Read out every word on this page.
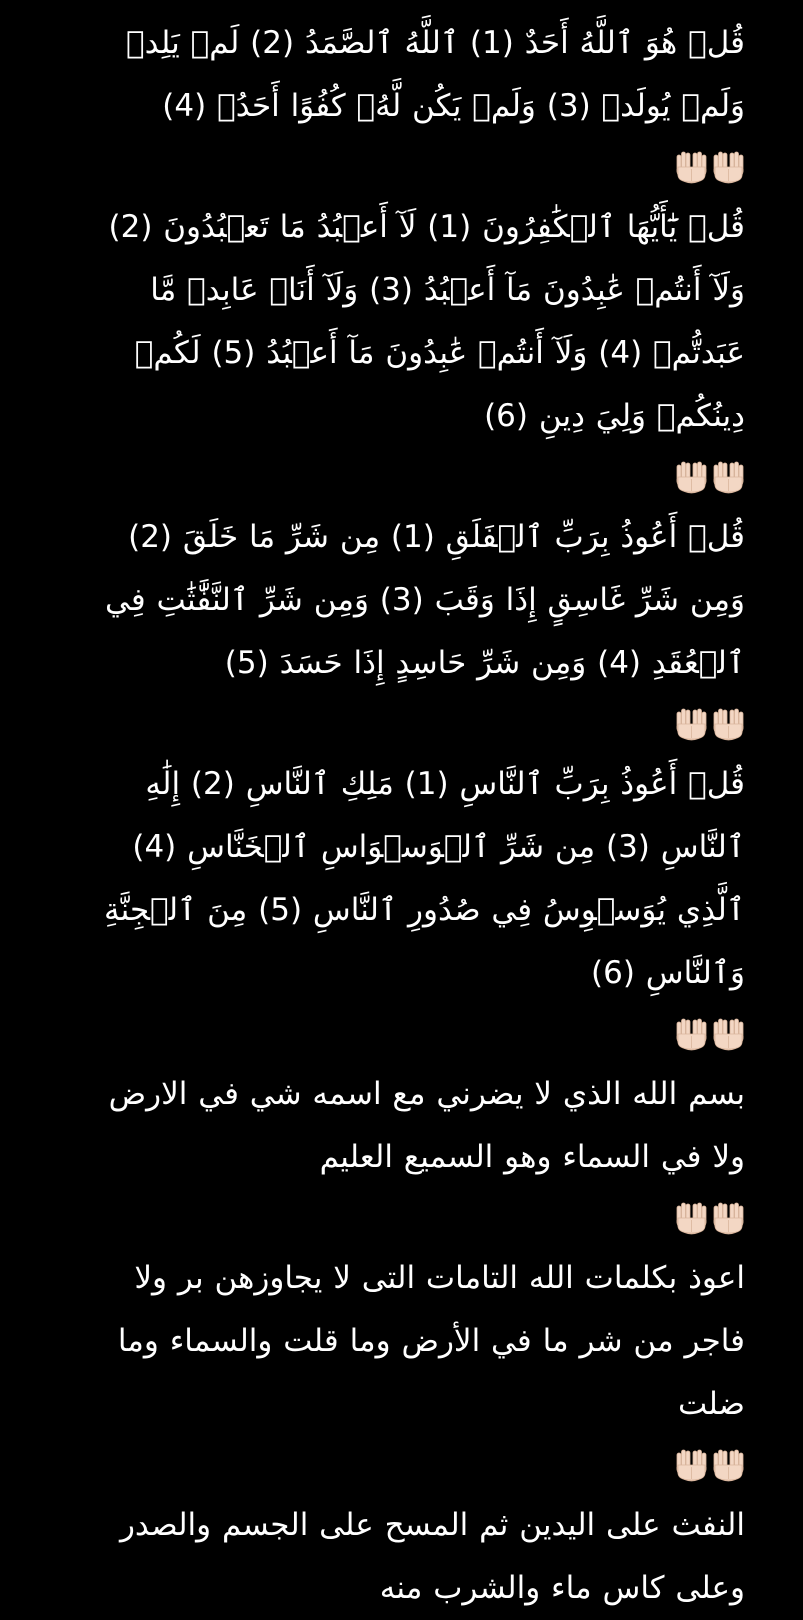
قُلۡ هُوَ ٱللَّهُ أَحَدٌ (1) ٱللَّهُ ٱلصَّمَدُ (2) لَمۡ يَلِدۡ وَلَمۡ يُولَدۡ (3) وَلَمۡ يَكُن لَّهُۥ كُفُوًا أَحَدُۢ (4)
قُلۡ يَٰٓأَيُّهَا ٱلۡكَٰفِرُونَ (1) لَآ أَعۡبُدُ مَا تَعۡبُدُونَ (2) وَلَآ أَنتُمۡ عَٰبِدُونَ مَآ أَعۡبُدُ (3) وَلَآ أَنَا۠ عَابِدٞ مَّا عَبَدتُّمۡ (4) وَلَآ أَنتُمۡ عَٰبِدُونَ مَآ أَعۡبُدُ (5) لَكُمۡ دِينُكُمۡ وَلِيَ دِينِ (6)
قُلۡ أَعُوذُ بِرَبِّ ٱلۡفَلَقِ (1) مِن شَرِّ مَا خَلَقَ (2) وَمِن شَرِّ غَاسِقٍ إِذَا وَقَبَ (3) وَمِن شَرِّ ٱلنَّفَّٰثَٰتِ فِي ٱلۡعُقَدِ (4) وَمِن شَرِّ حَاسِدٍ إِذَا حَسَدَ (5)
قُلۡ أَعُوذُ بِرَبِّ ٱلنَّاسِ (1) مَلِكِ ٱلنَّاسِ (2) إِلَٰهِ ٱلنَّاسِ (3) مِن شَرِّ ٱلۡوَسۡوَاسِ ٱلۡخَنَّاسِ (4) ٱلَّذِي يُوَسۡوِسُ فِي صُدُورِ ٱلنَّاسِ (5) مِنَ ٱلۡجِنَّةِ وَٱلنَّاسِ (6)
بسم الله الذي لا يضرني مع اسمه شي في الارض ولا في السماء وهو السميع العليم
اعوذ بكلمات الله التامات التى لا يجاوزهن بر ولا فاجر من شر ما في الأرض وما قلت والسماء وما ضلت
النفث على اليدين ثم المسح على الجسم والصدر وعلى كاس ماء والشرب منه
